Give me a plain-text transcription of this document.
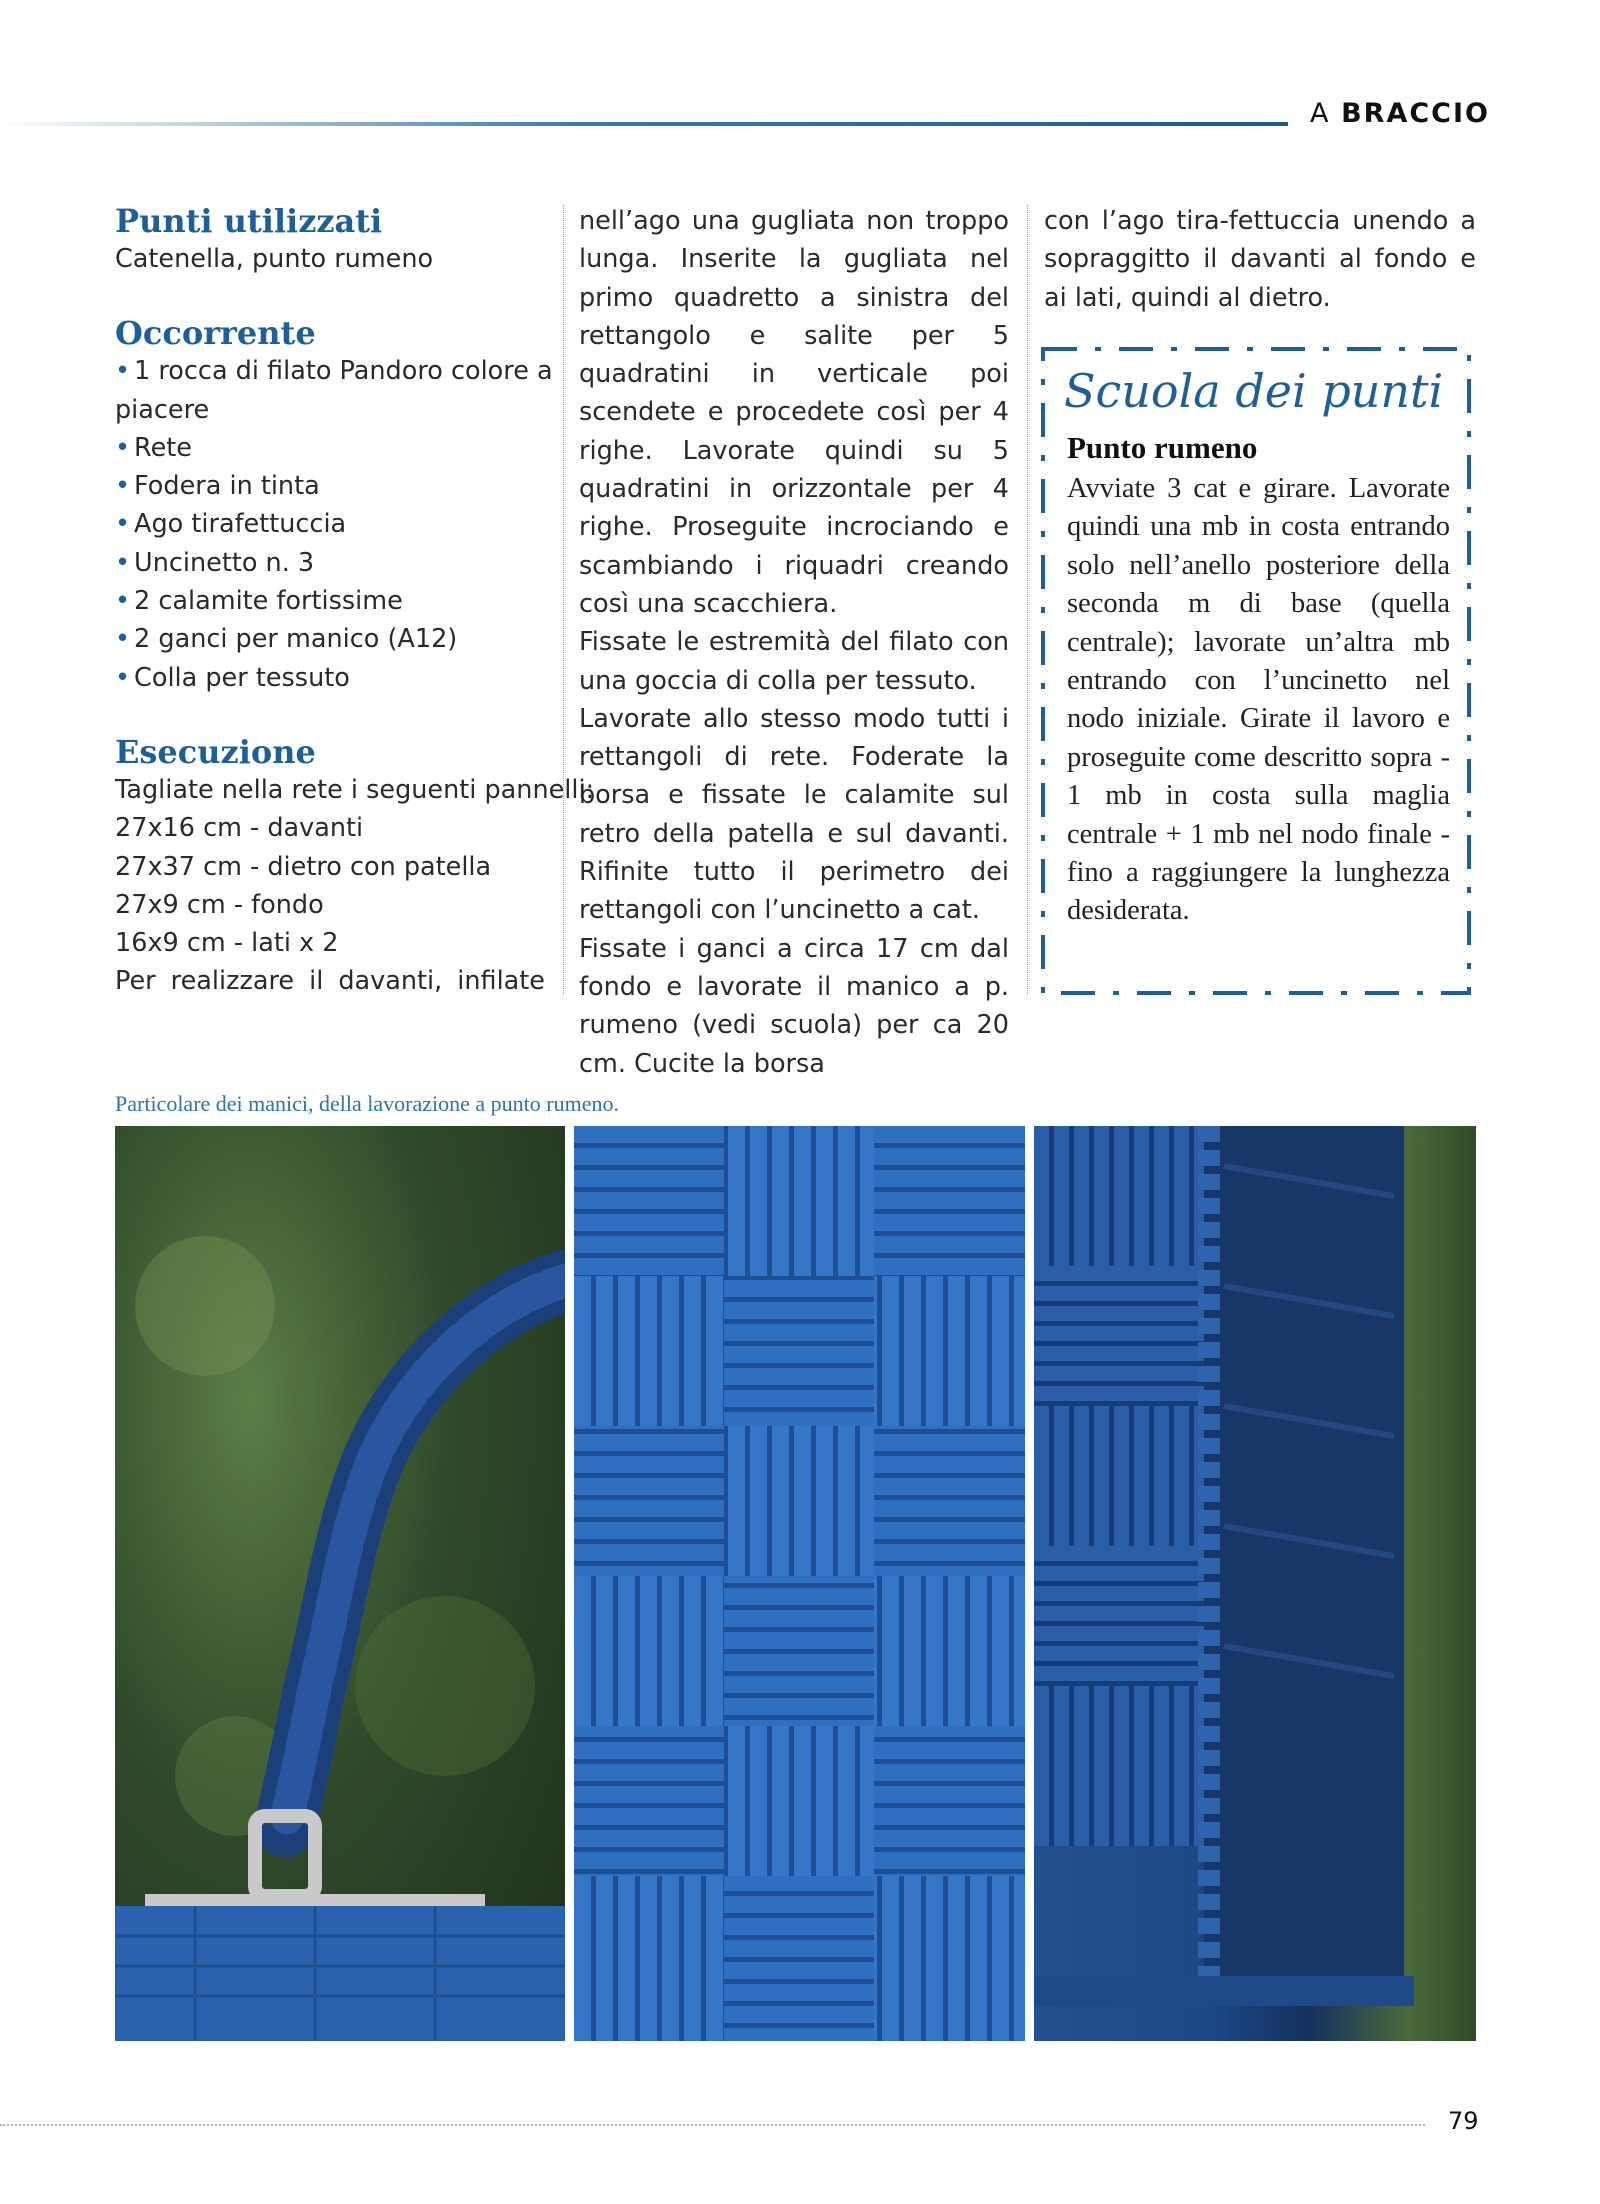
A BRACCIO

Punti utilizzati

Catenella, punto rumeno

Occorrente

• 1 rocca di filato Pandoro colore a

piacere

• Rete

• Fodera in tinta

• Ago tirafettuccia

• Uncinetto n. 3

• 2 calamite fortissime

• 2 ganci per manico (A12)

• Colla per tessuto

Esecuzione

Tagliate nella rete i seguenti pannelli:

27x16 cm - davanti

27x37 cm - dietro con patella

27x9 cm - fondo

16x9 cm - lati x 2

Per realizzare il davanti, infilate

nell’ago una gugliata non troppo lunga. Inserite la gugliata nel primo quadretto a sinistra del rettangolo e salite per 5 quadratini in verticale poi scendete e procedete così per 4 righe. Lavorate quindi su 5 quadratini in orizzontale per 4 righe. Proseguite incrociando e scambiando i riquadri creando così una scacchiera.

Fissate le estremità del filato con una goccia di colla per tessuto.

Lavorate allo stesso modo tutti i rettangoli di rete. Foderate la borsa e fissate le calamite sul retro della patella e sul davanti. Rifinite tutto il perimetro dei rettangoli con l’uncinetto a cat.

Fissate i ganci a circa 17 cm dal fondo e lavorate il manico a p. rumeno (vedi scuola) per ca 20 cm. Cucite la borsa

con l’ago tira-fettuccia unendo a sopraggitto il davanti al fondo e ai lati, quindi al dietro.

Scuola dei punti
Punto rumeno
Avviate 3 cat e girare. Lavorate quindi una mb in costa entrando solo nell’anello posteriore della seconda m di base (quella centrale); lavorate un’altra mb entrando con l’uncinetto nel nodo iniziale. Girate il lavoro e proseguite come descritto sopra - 1 mb in costa sulla maglia centrale + 1 mb nel nodo finale - fino a raggiungere la lunghezza desiderata.
Particolare dei manici, della lavorazione a punto rumeno.
79
